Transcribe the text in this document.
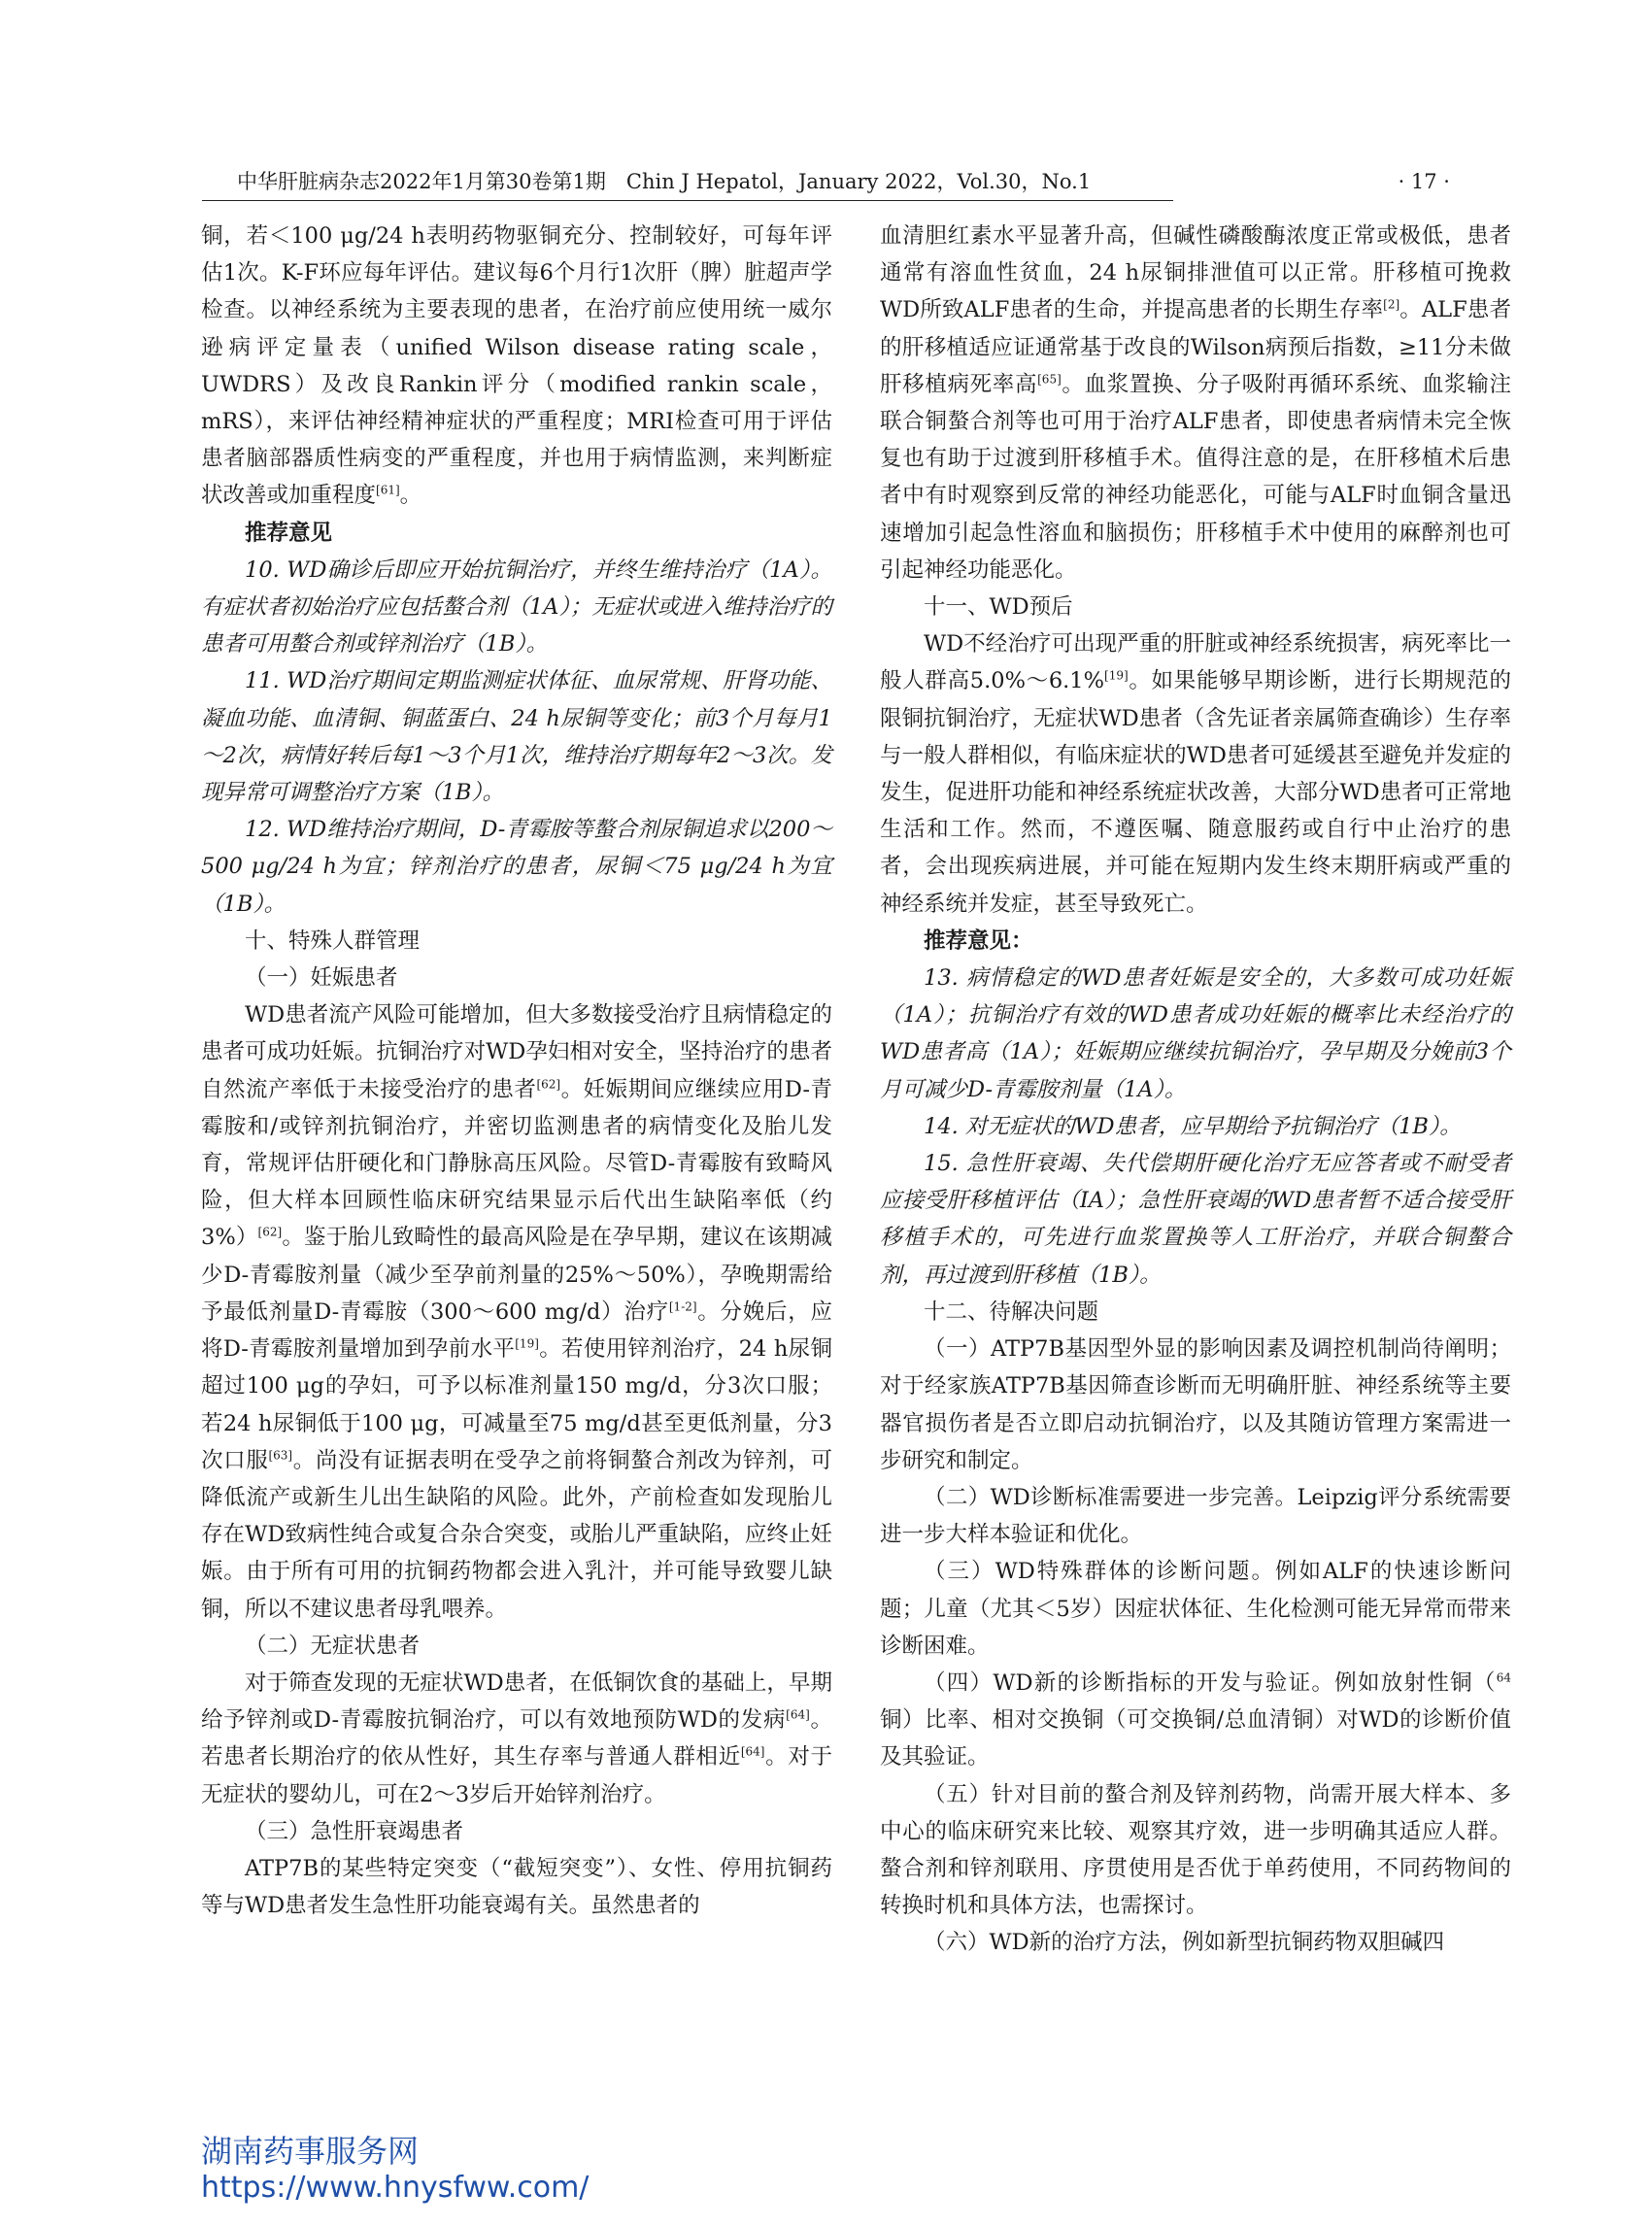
中华肝脏病杂志2022年1月第30卷第1期　Chin J Hepatol，January 2022，Vol.30，No.1	· 17 ·

铜，若＜100 μg/24 h表明药物驱铜充分、控制较好，可每年评估1次。K-F环应每年评估。建议每6个月行1次肝（脾）脏超声学检查。以神经系统为主要表现的患者，在治疗前应使用统一威尔逊病评定量表（unified Wilson disease rating scale，UWDRS）及改良Rankin评分（modified rankin scale，mRS），来评估神经精神症状的严重程度；MRI检查可用于评估患者脑部器质性病变的严重程度，并也用于病情监测，来判断症状改善或加重程度[61]。

推荐意见

10. WD确诊后即应开始抗铜治疗，并终生维持治疗（1A）。有症状者初始治疗应包括螯合剂（1A）；无症状或进入维持治疗的患者可用螯合剂或锌剂治疗（1B）。

11. WD治疗期间定期监测症状体征、血尿常规、肝肾功能、凝血功能、血清铜、铜蓝蛋白、24 h尿铜等变化；前3个月每月1～2次，病情好转后每1～3个月1次，维持治疗期每年2～3次。发现异常可调整治疗方案（1B）。

12. WD维持治疗期间，D-青霉胺等螯合剂尿铜追求以200～500 μg/24 h为宜；锌剂治疗的患者，尿铜＜75 μg/24 h为宜（1B）。

十、特殊人群管理

（一）妊娠患者

WD患者流产风险可能增加，但大多数接受治疗且病情稳定的患者可成功妊娠。抗铜治疗对WD孕妇相对安全，坚持治疗的患者自然流产率低于未接受治疗的患者[62]。妊娠期间应继续应用D-青霉胺和/或锌剂抗铜治疗，并密切监测患者的病情变化及胎儿发育，常规评估肝硬化和门静脉高压风险。尽管D-青霉胺有致畸风险，但大样本回顾性临床研究结果显示后代出生缺陷率低（约3%）[62]。鉴于胎儿致畸性的最高风险是在孕早期，建议在该期减少D-青霉胺剂量（减少至孕前剂量的25%～50%），孕晚期需给予最低剂量D-青霉胺（300～600 mg/d）治疗[1-2]。分娩后，应将D-青霉胺剂量增加到孕前水平[19]。若使用锌剂治疗，24 h尿铜超过100 μg的孕妇，可予以标准剂量150 mg/d，分3次口服；若24 h尿铜低于100 μg，可减量至75 mg/d甚至更低剂量，分3次口服[63]。尚没有证据表明在受孕之前将铜螯合剂改为锌剂，可降低流产或新生儿出生缺陷的风险。此外，产前检查如发现胎儿存在WD致病性纯合或复合杂合突变，或胎儿严重缺陷，应终止妊娠。由于所有可用的抗铜药物都会进入乳汁，并可能导致婴儿缺铜，所以不建议患者母乳喂养。

（二）无症状患者

对于筛查发现的无症状WD患者，在低铜饮食的基础上，早期给予锌剂或D-青霉胺抗铜治疗，可以有效地预防WD的发病[64]。若患者长期治疗的依从性好，其生存率与普通人群相近[64]。对于无症状的婴幼儿，可在2～3岁后开始锌剂治疗。

（三）急性肝衰竭患者

ATP7B的某些特定突变（“截短突变”）、女性、停用抗铜药等与WD患者发生急性肝功能衰竭有关。虽然患者的

血清胆红素水平显著升高，但碱性磷酸酶浓度正常或极低，患者通常有溶血性贫血，24 h尿铜排泄值可以正常。肝移植可挽救WD所致ALF患者的生命，并提高患者的长期生存率[2]。ALF患者的肝移植适应证通常基于改良的Wilson病预后指数，≥11分未做肝移植病死率高[65]。血浆置换、分子吸附再循环系统、血浆输注联合铜螯合剂等也可用于治疗ALF患者，即使患者病情未完全恢复也有助于过渡到肝移植手术。值得注意的是，在肝移植术后患者中有时观察到反常的神经功能恶化，可能与ALF时血铜含量迅速增加引起急性溶血和脑损伤；肝移植手术中使用的麻醉剂也可引起神经功能恶化。

十一、WD预后

WD不经治疗可出现严重的肝脏或神经系统损害，病死率比一般人群高5.0%～6.1%[19]。如果能够早期诊断，进行长期规范的限铜抗铜治疗，无症状WD患者（含先证者亲属筛查确诊）生存率与一般人群相似，有临床症状的WD患者可延缓甚至避免并发症的发生，促进肝功能和神经系统症状改善，大部分WD患者可正常地生活和工作。然而，不遵医嘱、随意服药或自行中止治疗的患者，会出现疾病进展，并可能在短期内发生终末期肝病或严重的神经系统并发症，甚至导致死亡。

推荐意见：

13. 病情稳定的WD患者妊娠是安全的，大多数可成功妊娠（1A）；抗铜治疗有效的WD患者成功妊娠的概率比未经治疗的WD患者高（1A）；妊娠期应继续抗铜治疗，孕早期及分娩前3个月可减少D-青霉胺剂量（1A）。

14. 对无症状的WD患者，应早期给予抗铜治疗（1B）。

15. 急性肝衰竭、失代偿期肝硬化治疗无应答者或不耐受者应接受肝移植评估（IA）；急性肝衰竭的WD患者暂不适合接受肝移植手术的，可先进行血浆置换等人工肝治疗，并联合铜螯合剂，再过渡到肝移植（1B）。

十二、待解决问题

（一）ATP7B基因型外显的影响因素及调控机制尚待阐明；对于经家族ATP7B基因筛查诊断而无明确肝脏、神经系统等主要器官损伤者是否立即启动抗铜治疗，以及其随访管理方案需进一步研究和制定。

（二）WD诊断标准需要进一步完善。Leipzig评分系统需要进一步大样本验证和优化。

（三）WD特殊群体的诊断问题。例如ALF的快速诊断问题；儿童（尤其＜5岁）因症状体征、生化检测可能无异常而带来诊断困难。

（四）WD新的诊断指标的开发与验证。例如放射性铜（$^{64}$铜）比率、相对交换铜（可交换铜/总血清铜）对WD的诊断价值及其验证。

（五）针对目前的螯合剂及锌剂药物，尚需开展大样本、多中心的临床研究来比较、观察其疗效，进一步明确其适应人群。螯合剂和锌剂联用、序贯使用是否优于单药使用，不同药物间的转换时机和具体方法，也需探讨。

（六）WD新的治疗方法，例如新型抗铜药物双胆碱四

湖南药事服务网
https://www.hnysfww.com/
